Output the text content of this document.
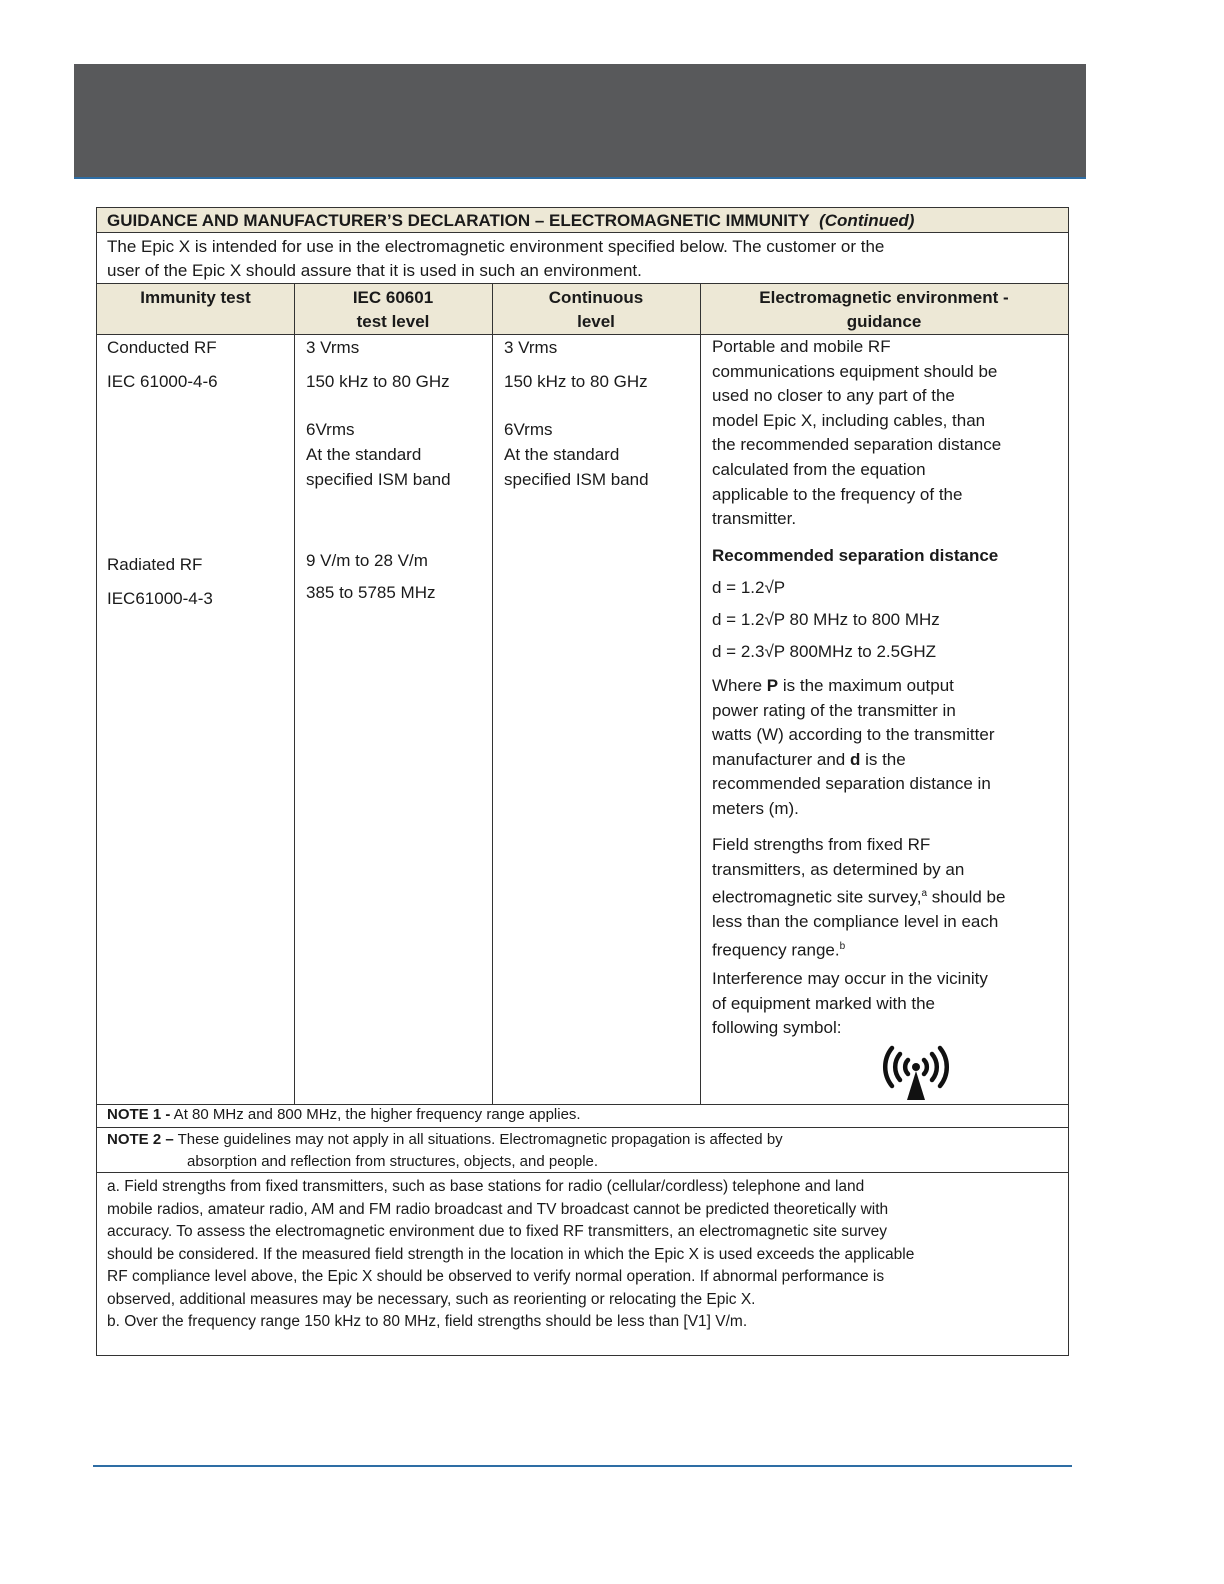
GUIDANCE AND MANUFACTURER’S DECLARATION – ELECTROMAGNETIC IMMUNITY (Continued)
The Epic X is intended for use in the electromagnetic environment specified below. The customer or the
user of the Epic X should assure that it is used in such an environment.
Immunity test	IEC 60601
test level
Continuous
level
Electromagnetic environment -
guidance
Conducted RF
IEC 61000-4-6
Radiated RF
IEC61000-4-3
3 Vrms
150 kHz to 80 GHz
6Vrms
At the standard
specified ISM band
9 V/m to 28 V/m
385 to 5785 MHz
3 Vrms
150 kHz to 80 GHz
6Vrms
At the standard
specified ISM band
Portable and mobile RF
communications equipment should be
used no closer to any part of the
model Epic X, including cables, than
the recommended separation distance
calculated from the equation
applicable to the frequency of the
transmitter.
Recommended separation distance
d = 1.2√P
d = 1.2√P 80 MHz to 800 MHz
d = 2.3√P 800MHz to 2.5GHZ
Where P is the maximum output
power rating of the transmitter in
watts (W) according to the transmitter
manufacturer and d is the
recommended separation distance in
meters (m).
Field strengths from fixed RF
transmitters, as determined by an
electromagnetic site survey,$^a$ should be
less than the compliance level in each
frequency range.$^b$
Interference may occur in the vicinity
of equipment marked with the
following symbol:
NOTE 1 - At 80 MHz and 800 MHz, the higher frequency range applies.
NOTE 2 – These guidelines may not apply in all situations. Electromagnetic propagation is affected by
absorption and reflection from structures, objects, and people.
a. Field strengths from fixed transmitters, such as base stations for radio (cellular/cordless) telephone and land
mobile radios, amateur radio, AM and FM radio broadcast and TV broadcast cannot be predicted theoretically with
accuracy. To assess the electromagnetic environment due to fixed RF transmitters, an electromagnetic site survey
should be considered. If the measured field strength in the location in which the Epic X is used exceeds the applicable
RF compliance level above, the Epic X should be observed to verify normal operation. If abnormal performance is
observed, additional measures may be necessary, such as reorienting or relocating the Epic X.
b. Over the frequency range 150 kHz to 80 MHz, field strengths should be less than [V1] V/m.
